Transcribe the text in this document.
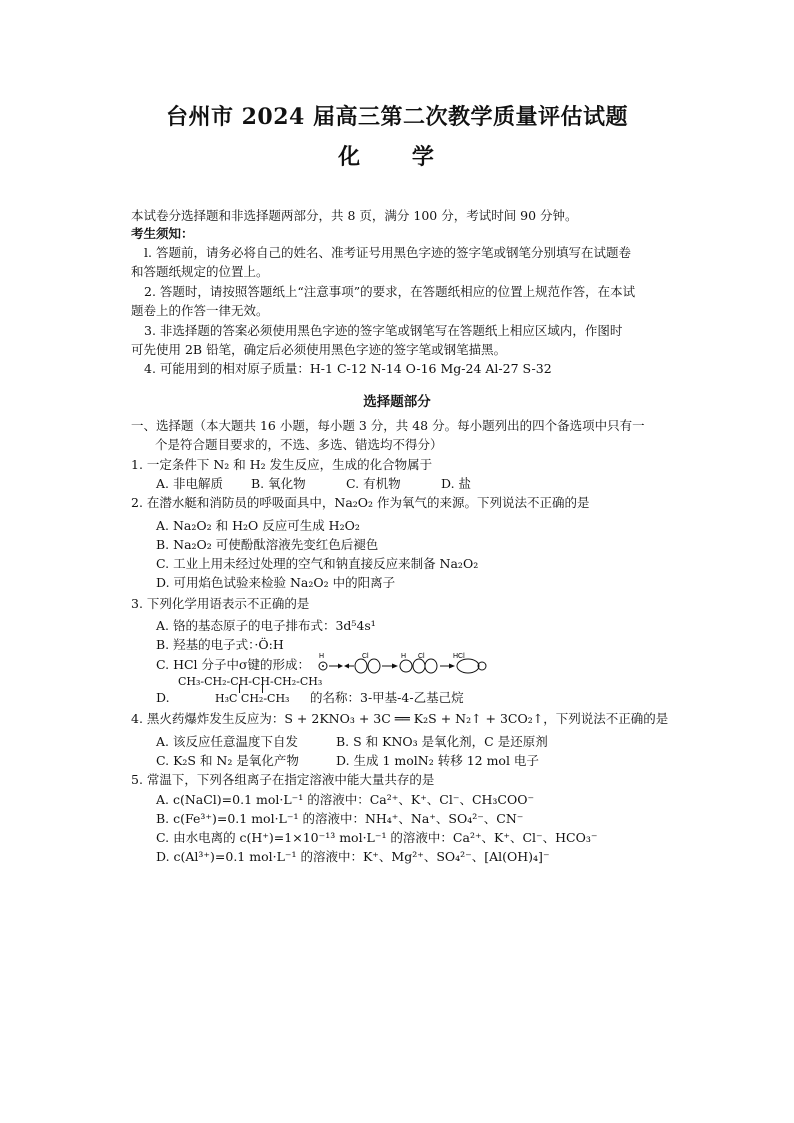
台州市 2024 届高三第二次教学质量评估试题
化 学
本试卷分选择题和非选择题两部分，共 8 页，满分 100 分，考试时间 90 分钟。
考生须知：
l. 答题前，请务必将自己的姓名、准考证号用黑色字迹的签字笔或钢笔分别填写在试题卷
和答题纸规定的位置上。
2. 答题时，请按照答题纸上“注意事项”的要求，在答题纸相应的位置上规范作答，在本试
题卷上的作答一律无效。
3. 非选择题的答案必须使用黑色字迹的签字笔或钢笔写在答题纸上相应区域内，作图时
可先使用 2B 铅笔，确定后必须使用黑色字迹的签字笔或钢笔描黑。
4. 可能用到的相对原子质量：H-1 C-12 N-14 O-16 Mg-24 Al-27 S-32
选择题部分
一、选择题（本大题共 16 小题，每小题 3 分，共 48 分。每小题列出的四个备选项中只有一
个是符合题目要求的，不选、多选、错选均不得分）
1. 一定条件下 N₂ 和 H₂ 发生反应，生成的化合物属于
A. 非电解质 B. 氧化物	C. 有机物	D. 盐
2. 在潜水艇和消防员的呼吸面具中，Na₂O₂ 作为氧气的来源。下列说法不正确的是
A. Na₂O₂ 和 H₂O 反应可生成 H₂O₂
B. Na₂O₂ 可使酚酞溶液先变红色后褪色
C. 工业上用未经过处理的空气和钠直接反应来制备 Na₂O₂
D. 可用焰色试验来检验 Na₂O₂ 中的阳离子
3. 下列化学用语表示不正确的是
A. 铬的基态原子的电子排布式：3d⁵4s¹
B. 羟基的电子式：·Ö:H
C. HCl 分子中σ键的形成：
H	Cl	H Cl	HCl
CH₃-CH₂-CH-CH-CH₂-CH₃
D.	H₃C CH₂-CH₃ 的名称：3-甲基-4-乙基己烷
4. 黑火药爆炸发生反应为：S + 2KNO₃ + 3C ══ K₂S + N₂↑ + 3CO₂↑，下列说法不正确的是
A. 该反应任意温度下自发	B. S 和 KNO₃ 是氧化剂，C 是还原剂
C. K₂S 和 N₂ 是氧化产物	D. 生成 1 molN₂ 转移 12 mol 电子
5. 常温下，下列各组离子在指定溶液中能大量共存的是
A. c(NaCl)=0.1 mol·L⁻¹ 的溶液中：Ca²⁺、K⁺、Cl⁻、CH₃COO⁻
B. c(Fe³⁺)=0.1 mol·L⁻¹ 的溶液中：NH₄⁺、Na⁺、SO₄²⁻、CN⁻
C. 由水电离的 c(H⁺)=1×10⁻¹³ mol·L⁻¹ 的溶液中：Ca²⁺、K⁺、Cl⁻、HCO₃⁻
D. c(Al³⁺)=0.1 mol·L⁻¹ 的溶液中：K⁺、Mg²⁺、SO₄²⁻、[Al(OH)₄]⁻
